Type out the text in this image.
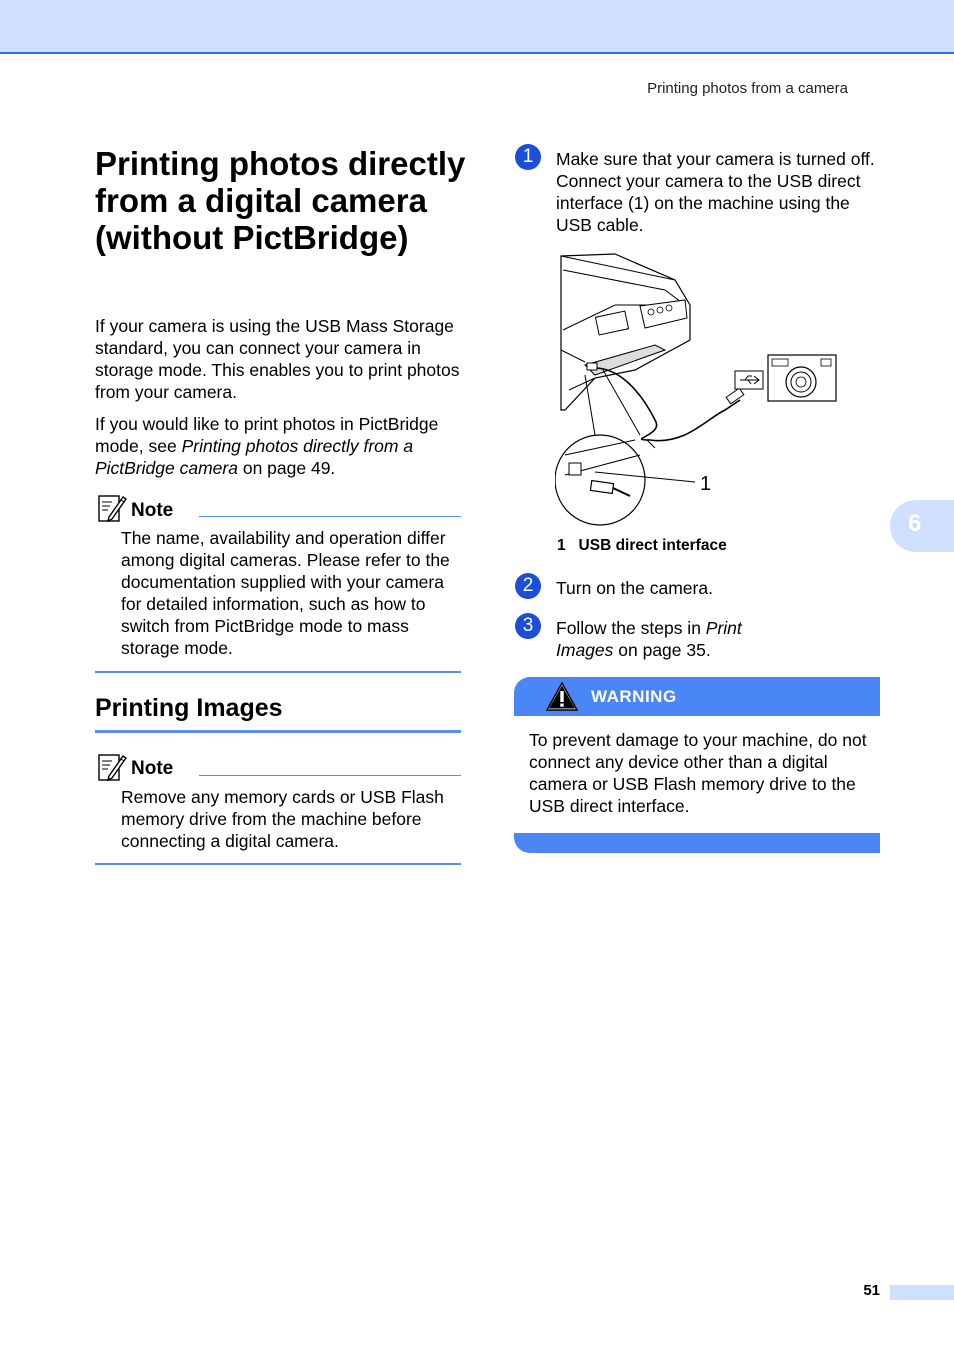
Printing photos from a camera
6
Printing photos directly from a digital camera (without PictBridge)

If your camera is using the USB Mass Storage standard, you can connect your camera in storage mode. This enables you to print photos from your camera.

If you would like to print photos in PictBridge mode, see Printing photos directly from a PictBridge camera on page 49.

Note

The name, availability and operation differ among digital cameras. Please refer to the documentation supplied with your camera for detailed information, such as how to switch from PictBridge mode to mass storage mode.

Printing Images
Note

Remove any memory cards or USB Flash memory drive from the machine before connecting a digital camera.

1	Make sure that your camera is turned off. Connect your camera to the USB direct interface (1) on the machine using the USB cable.

1
1 USB direct interface
2	Turn on the camera.

3	Follow the steps in Print Images on page 35.

WARNING

To prevent damage to your machine, do not connect any device other than a digital camera or USB Flash memory drive to the USB direct interface.

51
